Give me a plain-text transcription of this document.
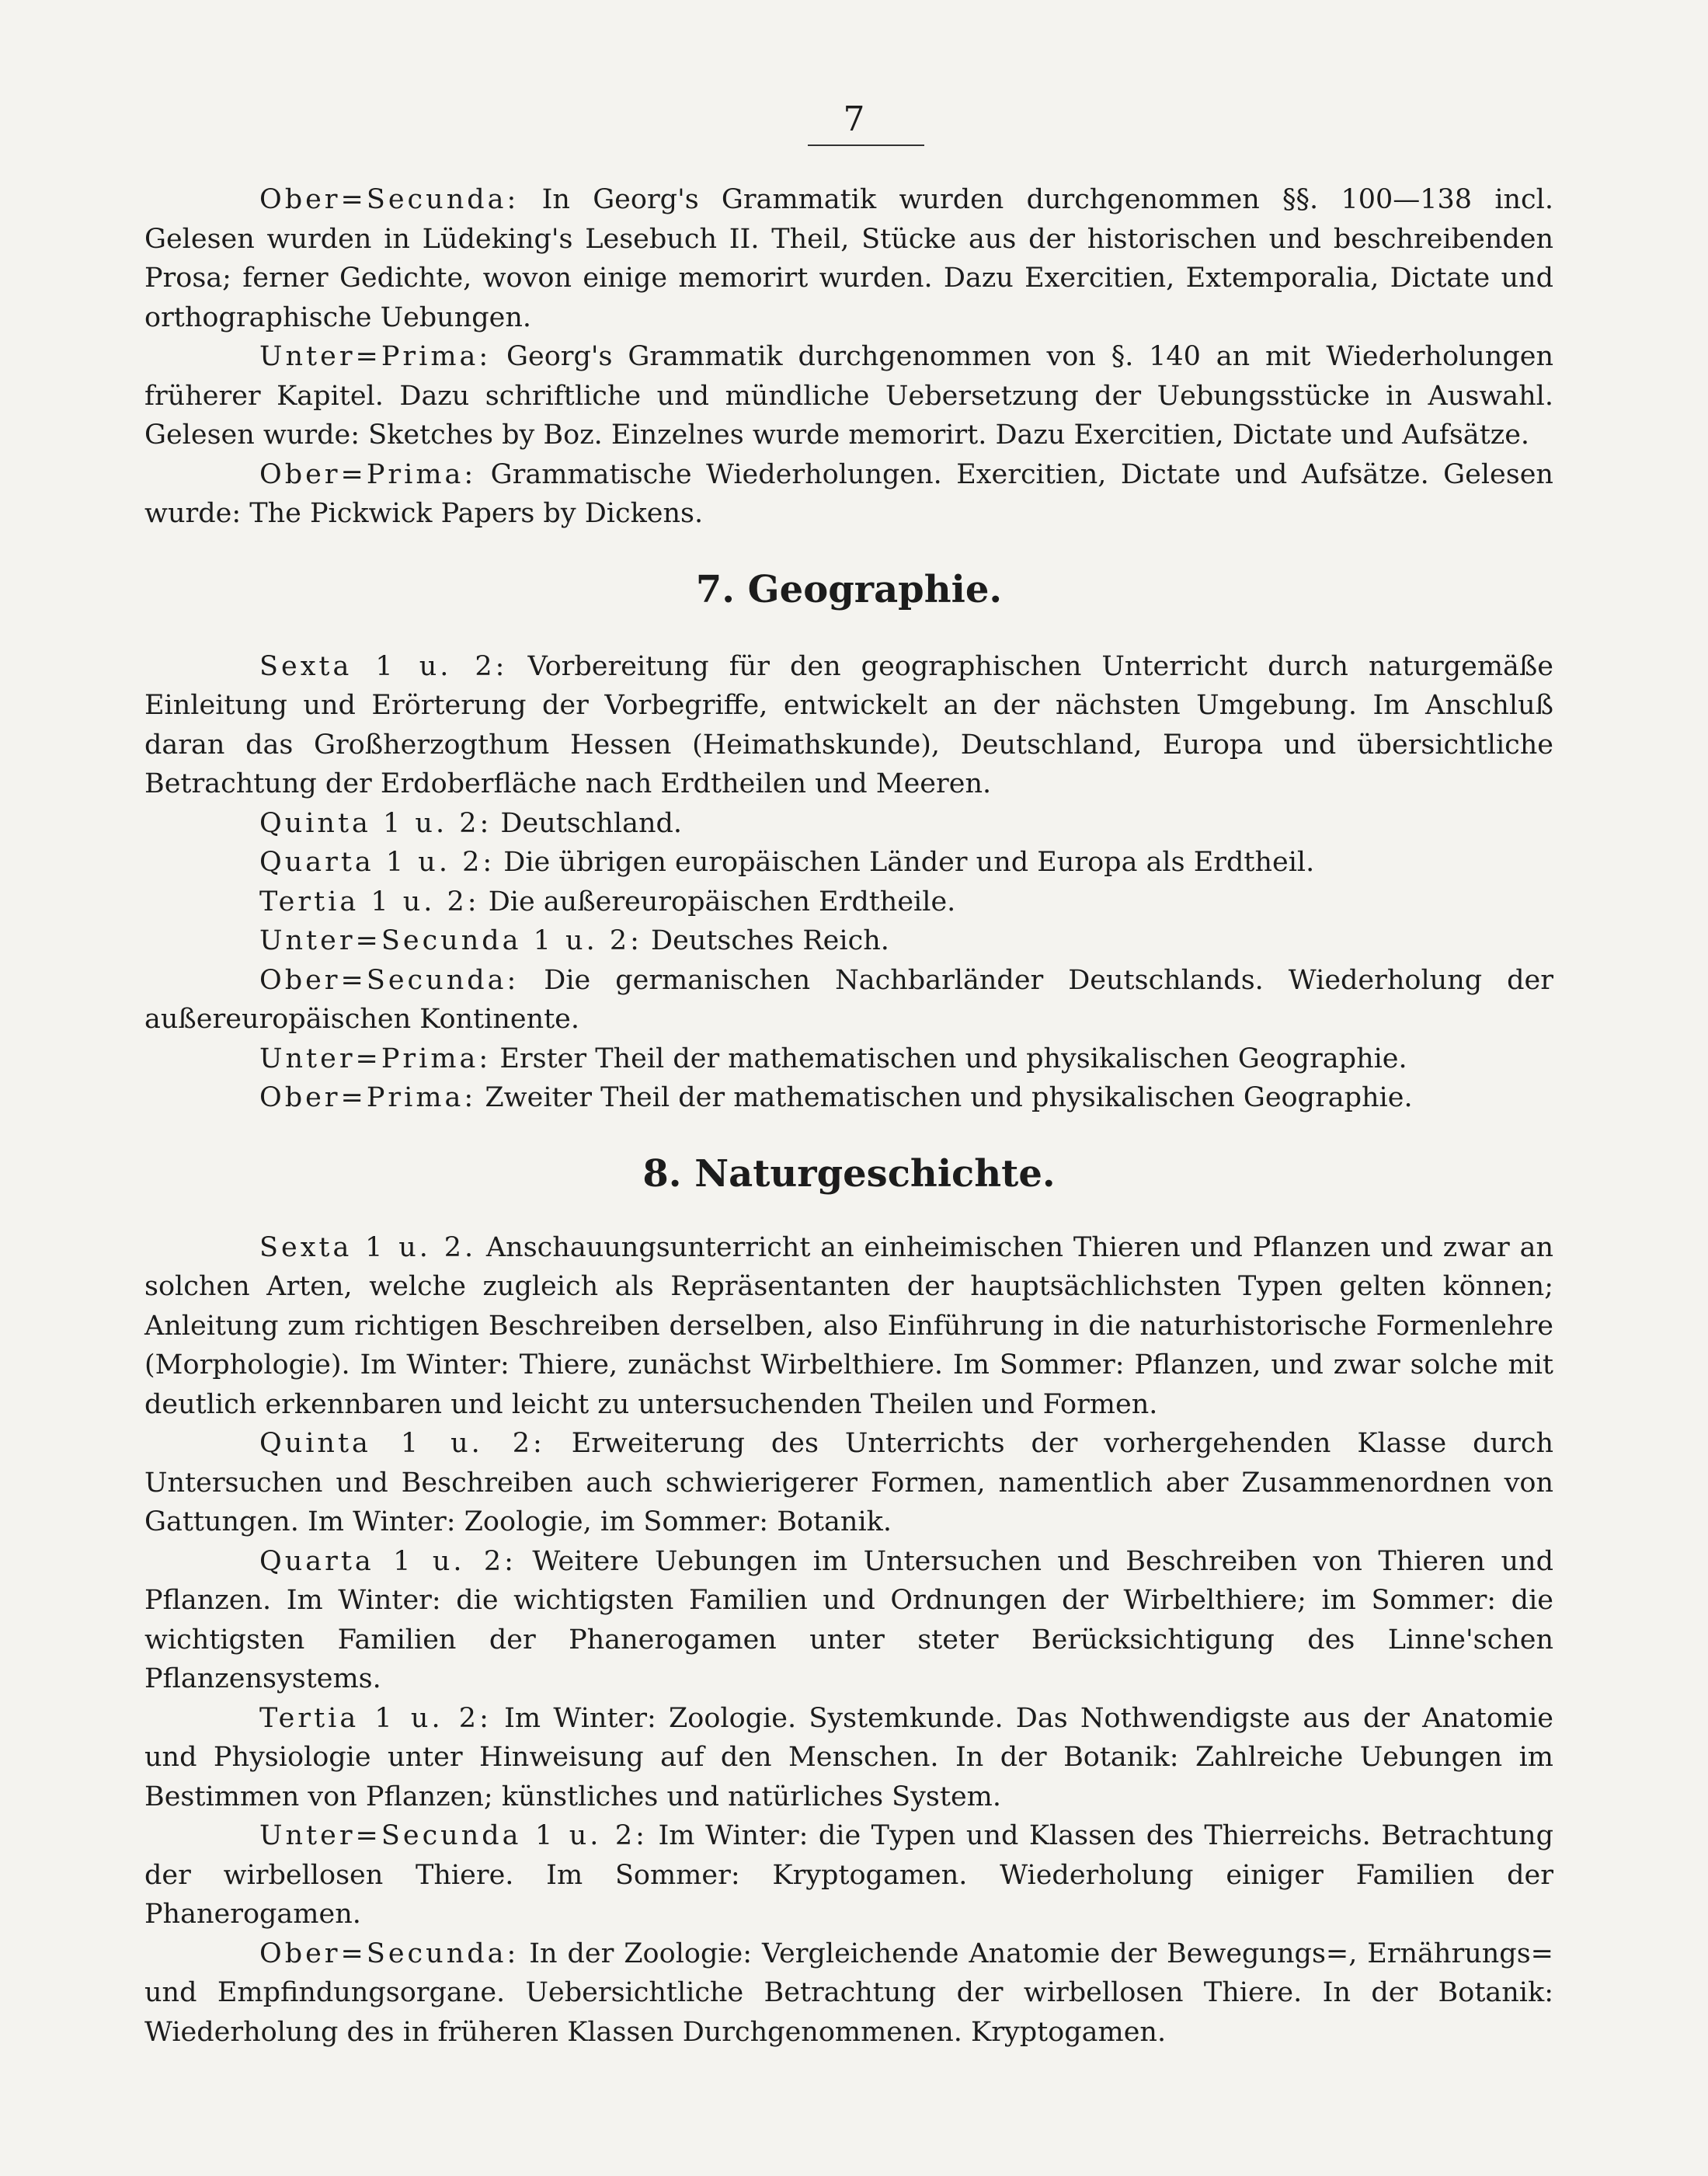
7

Ober=Secunda: In Georg's Grammatik wurden durchgenommen §§. 100—138 incl. Gelesen wurden in Lüdeking's Lesebuch II. Theil, Stücke aus der historischen und beschreibenden Prosa; ferner Gedichte, wovon einige memorirt wurden. Dazu Exercitien, Extemporalia, Dictate und orthographische Uebungen.

Unter=Prima: Georg's Grammatik durchgenommen von §. 140 an mit Wiederholungen früherer Kapitel. Dazu schriftliche und mündliche Uebersetzung der Uebungsstücke in Auswahl. Gelesen wurde: Sketches by Boz. Einzelnes wurde memorirt. Dazu Exercitien, Dictate und Aufsätze.

Ober=Prima: Grammatische Wiederholungen. Exercitien, Dictate und Aufsätze. Gelesen wurde: The Pickwick Papers by Dickens.

7. Geographie.

Sexta 1 u. 2: Vorbereitung für den geographischen Unterricht durch naturgemäße Einleitung und Erörterung der Vorbegriffe, entwickelt an der nächsten Umgebung. Im Anschluß daran das Großherzogthum Hessen (Heimathskunde), Deutschland, Europa und übersichtliche Betrachtung der Erdoberfläche nach Erdtheilen und Meeren.

Quinta 1 u. 2: Deutschland.

Quarta 1 u. 2: Die übrigen europäischen Länder und Europa als Erdtheil.

Tertia 1 u. 2: Die außereuropäischen Erdtheile.

Unter=Secunda 1 u. 2: Deutsches Reich.

Ober=Secunda: Die germanischen Nachbarländer Deutschlands. Wiederholung der außereuropäischen Kontinente.

Unter=Prima: Erster Theil der mathematischen und physikalischen Geographie.

Ober=Prima: Zweiter Theil der mathematischen und physikalischen Geographie.

8. Naturgeschichte.

Sexta 1 u. 2. Anschauungsunterricht an einheimischen Thieren und Pflanzen und zwar an solchen Arten, welche zugleich als Repräsentanten der hauptsächlichsten Typen gelten können; Anleitung zum richtigen Beschreiben derselben, also Einführung in die naturhistorische Formenlehre (Morphologie). Im Winter: Thiere, zunächst Wirbelthiere. Im Sommer: Pflanzen, und zwar solche mit deutlich erkennbaren und leicht zu untersuchenden Theilen und Formen.

Quinta 1 u. 2: Erweiterung des Unterrichts der vorhergehenden Klasse durch Untersuchen und Beschreiben auch schwierigerer Formen, namentlich aber Zusammenordnen von Gattungen. Im Winter: Zoologie, im Sommer: Botanik.

Quarta 1 u. 2: Weitere Uebungen im Untersuchen und Beschreiben von Thieren und Pflanzen. Im Winter: die wichtigsten Familien und Ordnungen der Wirbelthiere; im Sommer: die wichtigsten Familien der Phanerogamen unter steter Berücksichtigung des Linne'schen Pflanzensystems.

Tertia 1 u. 2: Im Winter: Zoologie. Systemkunde. Das Nothwendigste aus der Anatomie und Physiologie unter Hinweisung auf den Menschen. In der Botanik: Zahlreiche Uebungen im Bestimmen von Pflanzen; künstliches und natürliches System.

Unter=Secunda 1 u. 2: Im Winter: die Typen und Klassen des Thierreichs. Betrachtung der wirbellosen Thiere. Im Sommer: Kryptogamen. Wiederholung einiger Familien der Phanerogamen.

Ober=Secunda: In der Zoologie: Vergleichende Anatomie der Bewegungs=, Ernährungs= und Empfindungsorgane. Uebersichtliche Betrachtung der wirbellosen Thiere. In der Botanik: Wiederholung des in früheren Klassen Durchgenommenen. Kryptogamen.
